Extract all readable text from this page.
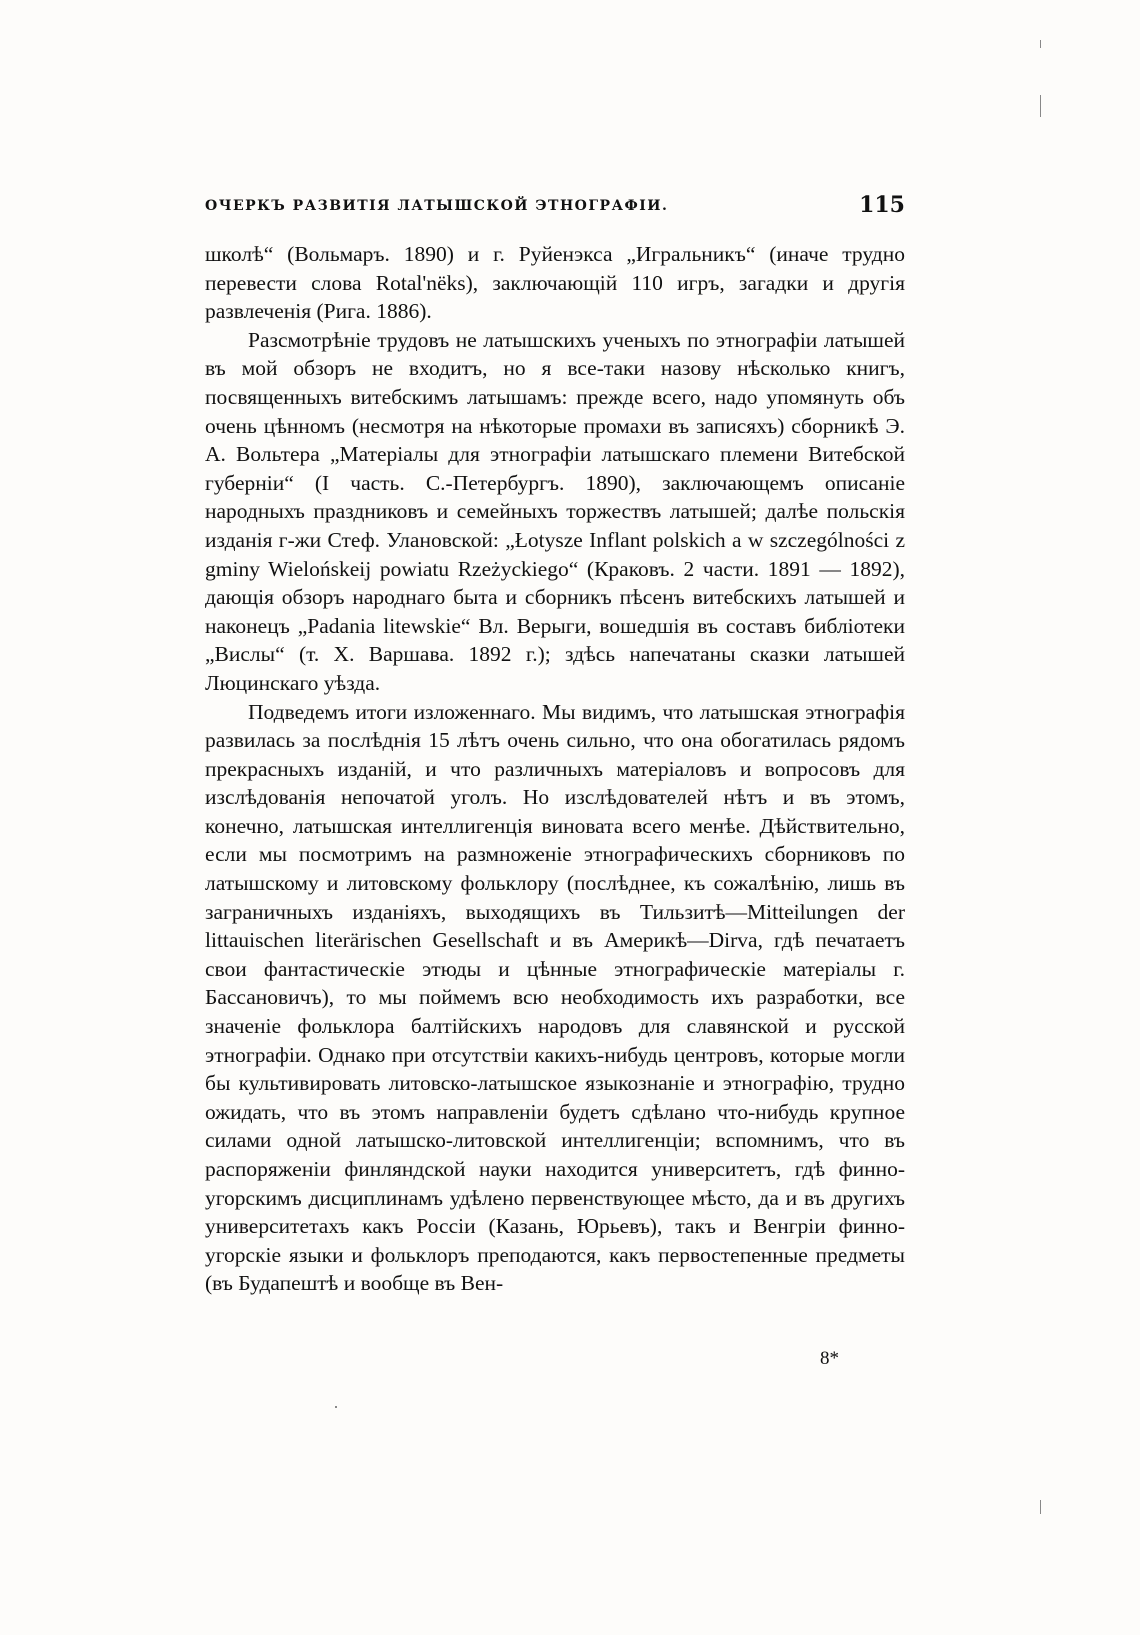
ОЧЕРКЪ РАЗВИТІЯ ЛАТЫШСКОЙ ЭТНОГРАФІИ.	115

школѣ“ (Вольмаръ. 1890) и г. Руйенэкса „Игральникъ“ (иначе трудно перевести слова Rotal'nëks), заключающій 110 игръ, загадки и другія развлеченія (Рига. 1886).

Разсмотрѣніе трудовъ не латышскихъ ученыхъ по этнографіи латышей въ мой обзоръ не входитъ, но я все-таки назову нѣсколько книгъ, посвященныхъ витебскимъ латышамъ: прежде всего, надо упомянуть объ очень цѣнномъ (несмотря на нѣкоторые промахи въ записяхъ) сборникѣ Э. А. Вольтера „Матеріалы для этнографіи латышскаго племени Витебской губерніи“ (I часть. С.-Петербургъ. 1890), заключающемъ описаніе народныхъ праздниковъ и семейныхъ торжествъ латышей; далѣе польскія изданія г-жи Стеф. Улановской: „Łotysze Inflant polskich a w szczególności z gminy Wielońskeij powiatu Rzeżyckiego“ (Краковъ. 2 части. 1891 — 1892), дающія обзоръ народнаго быта и сборникъ пѣсенъ витебскихъ латышей и наконецъ „Padania litewskie“ Вл. Верыги, вошедшія въ составъ библіотеки „Вислы“ (т. X. Варшава. 1892 г.); здѣсь напечатаны сказки латышей Люцинскаго уѣзда.

Подведемъ итоги изложеннаго. Мы видимъ, что латышская этнографія развилась за послѣднія 15 лѣтъ очень сильно, что она обогатилась рядомъ прекрасныхъ изданій, и что различныхъ матеріаловъ и вопросовъ для изслѣдованія непочатой уголъ. Но изслѣдователей нѣтъ и въ этомъ, конечно, латышская интеллигенція виновата всего менѣе. Дѣйствительно, если мы посмотримъ на размноженіе этнографическихъ сборниковъ по латышскому и литовскому фольклору (послѣднее, къ сожалѣнію, лишь въ заграничныхъ изданіяхъ, выходящихъ въ Тильзитѣ—Mitteilungen der littauischen literärischen Gesellschaft и въ Америкѣ—Dirva, гдѣ печатаетъ свои фантастическіе этюды и цѣнные этнографическіе матеріалы г. Бассановичъ), то мы поймемъ всю необходимость ихъ разработки, все значеніе фольклора балтійскихъ народовъ для славянской и русской этнографіи. Однако при отсутствіи какихъ-нибудь центровъ, которые могли бы культивировать литовско-латышское языкознаніе и этнографію, трудно ожидать, что въ этомъ направленіи будетъ сдѣлано что-нибудь крупное силами одной латышско-литовской интеллигенціи; вспомнимъ, что въ распоряженіи финляндской науки находится университетъ, гдѣ финно-угорскимъ дисциплинамъ удѣлено первенствующее мѣсто, да и въ другихъ университетахъ какъ Россіи (Казань, Юрьевъ), такъ и Венгріи финно-угорскіе языки и фольклоръ преподаются, какъ первостепенные предметы (въ Будапештѣ и вообще въ Вен-

8*
